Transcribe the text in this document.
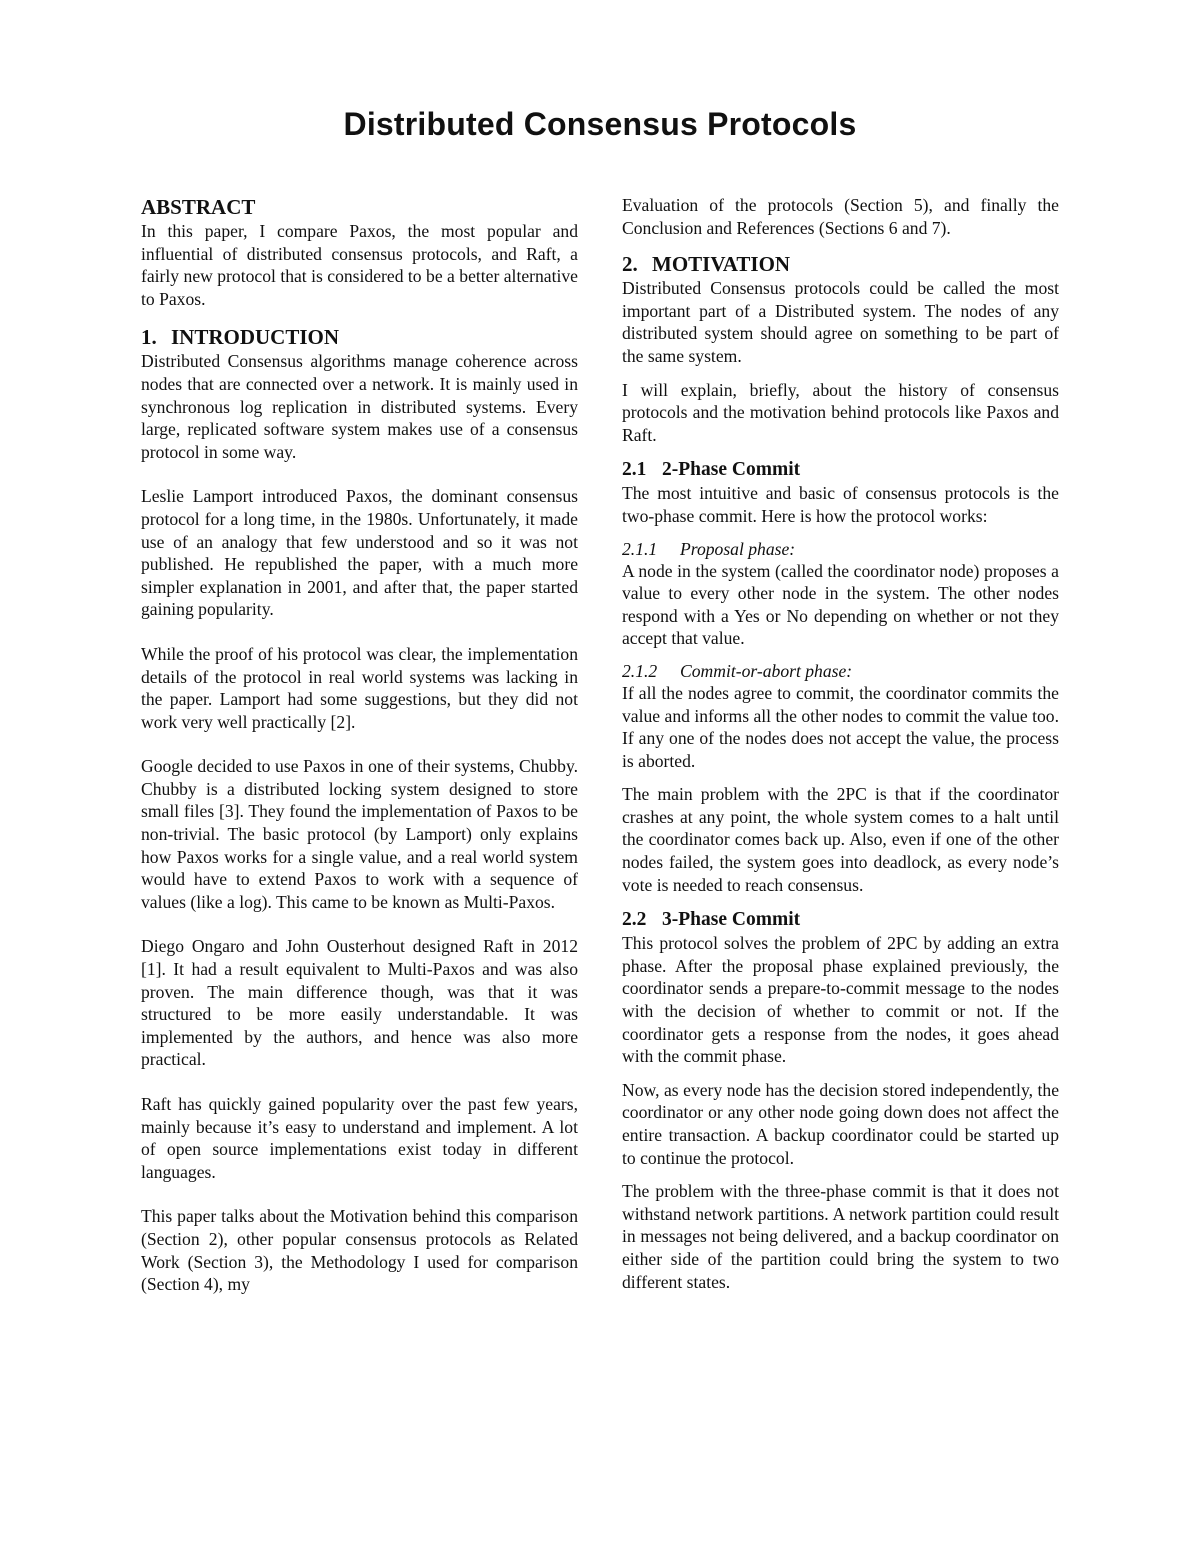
Distributed Consensus Protocols
ABSTRACT

In this paper, I compare Paxos, the most popular and influential of distributed consensus protocols, and Raft, a fairly new protocol that is considered to be a better alternative to Paxos.

1. INTRODUCTION

Distributed Consensus algorithms manage coherence across nodes that are connected over a network. It is mainly used in synchronous log replication in distributed systems. Every large, replicated software system makes use of a consensus protocol in some way.

Leslie Lamport introduced Paxos, the dominant consensus protocol for a long time, in the 1980s. Unfortunately, it made use of an analogy that few understood and so it was not published. He republished the paper, with a much more simpler explanation in 2001, and after that, the paper started gaining popularity.

While the proof of his protocol was clear, the implementation details of the protocol in real world systems was lacking in the paper. Lamport had some suggestions, but they did not work very well practically [2].

Google decided to use Paxos in one of their systems, Chubby. Chubby is a distributed locking system designed to store small files [3]. They found the implementation of Paxos to be non-trivial. The basic protocol (by Lamport) only explains how Paxos works for a single value, and a real world system would have to extend Paxos to work with a sequence of values (like a log). This came to be known as Multi-Paxos.

Diego Ongaro and John Ousterhout designed Raft in 2012 [1]. It had a result equivalent to Multi-Paxos and was also proven. The main difference though, was that it was structured to be more easily understandable. It was implemented by the authors, and hence was also more practical.

Raft has quickly gained popularity over the past few years, mainly because it’s easy to understand and implement. A lot of open source implementations exist today in different languages.

This paper talks about the Motivation behind this comparison (Section 2), other popular consensus protocols as Related Work (Section 3), the Methodology I used for comparison (Section 4), my

Evaluation of the protocols (Section 5), and finally the Conclusion and References (Sections 6 and 7).

2. MOTIVATION

Distributed Consensus protocols could be called the most important part of a Distributed system. The nodes of any distributed system should agree on something to be part of the same system.

I will explain, briefly, about the history of consensus protocols and the motivation behind protocols like Paxos and Raft.

2.1 2-Phase Commit

The most intuitive and basic of consensus protocols is the two-phase commit. Here is how the protocol works:

2.1.1 Proposal phase:

A node in the system (called the coordinator node) proposes a value to every other node in the system. The other nodes respond with a Yes or No depending on whether or not they accept that value.

2.1.2 Commit-or-abort phase:

If all the nodes agree to commit, the coordinator commits the value and informs all the other nodes to commit the value too. If any one of the nodes does not accept the value, the process is aborted.

The main problem with the 2PC is that if the coordinator crashes at any point, the whole system comes to a halt until the coordinator comes back up. Also, even if one of the other nodes failed, the system goes into deadlock, as every node’s vote is needed to reach consensus.

2.2 3-Phase Commit

This protocol solves the problem of 2PC by adding an extra phase. After the proposal phase explained previously, the coordinator sends a prepare-to-commit message to the nodes with the decision of whether to commit or not. If the coordinator gets a response from the nodes, it goes ahead with the commit phase.

Now, as every node has the decision stored independently, the coordinator or any other node going down does not affect the entire transaction. A backup coordinator could be started up to continue the protocol.

The problem with the three-phase commit is that it does not withstand network partitions. A network partition could result in messages not being delivered, and a backup coordinator on either side of the partition could bring the system to two different states.
